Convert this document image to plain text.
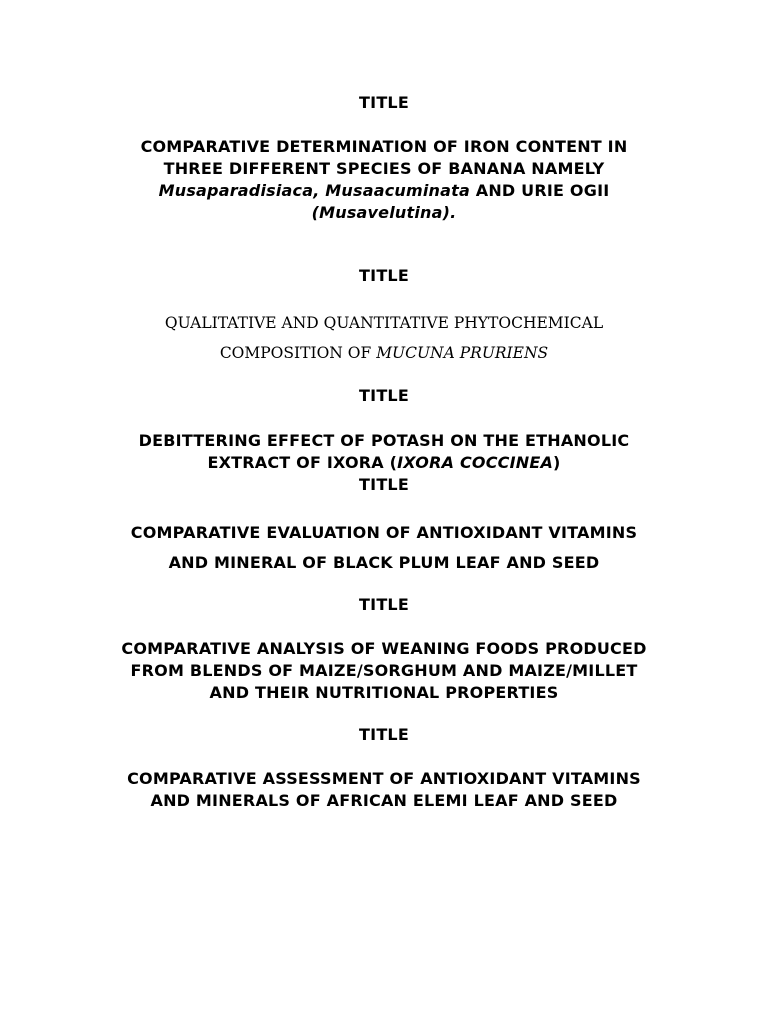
TITLE
COMPARATIVE DETERMINATION OF IRON CONTENT IN
THREE DIFFERENT SPECIES OF BANANA NAMELY
Musaparadisiaca, Musaacuminata AND URIE OGII
(Musavelutina).
TITLE
QUALITATIVE AND QUANTITATIVE PHYTOCHEMICAL
COMPOSITION OF MUCUNA PRURIENS
TITLE
DEBITTERING EFFECT OF POTASH ON THE ETHANOLIC
EXTRACT OF IXORA (IXORA COCCINEA)
TITLE
COMPARATIVE EVALUATION OF ANTIOXIDANT VITAMINS
AND MINERAL OF BLACK PLUM LEAF AND SEED
TITLE
COMPARATIVE ANALYSIS OF WEANING FOODS PRODUCED
FROM BLENDS OF MAIZE/SORGHUM AND MAIZE/MILLET
AND THEIR NUTRITIONAL PROPERTIES
TITLE
COMPARATIVE ASSESSMENT OF ANTIOXIDANT VITAMINS
AND MINERALS OF AFRICAN ELEMI LEAF AND SEED
